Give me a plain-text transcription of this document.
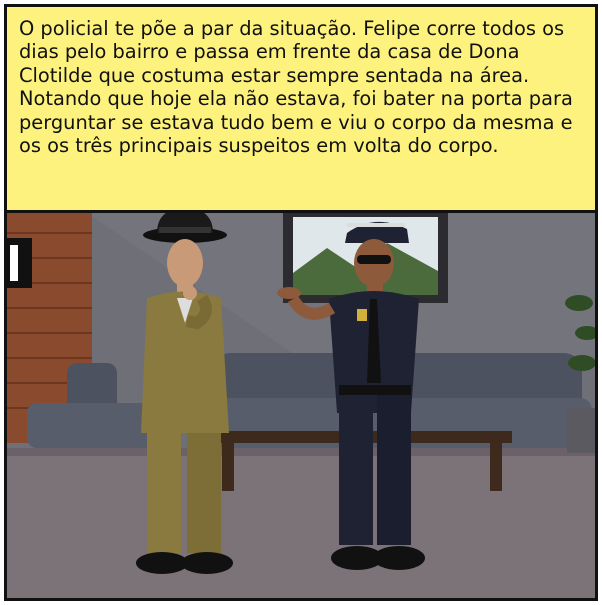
O policial te põe a par da situação. Felipe corre todos os dias pelo bairro e passa em frente da casa de Dona Clotilde que costuma estar sempre sentada na área. Notando que hoje ela não estava, foi bater na porta para perguntar se estava tudo bem e viu o corpo da mesma e os os três principais suspeitos em volta do corpo.
